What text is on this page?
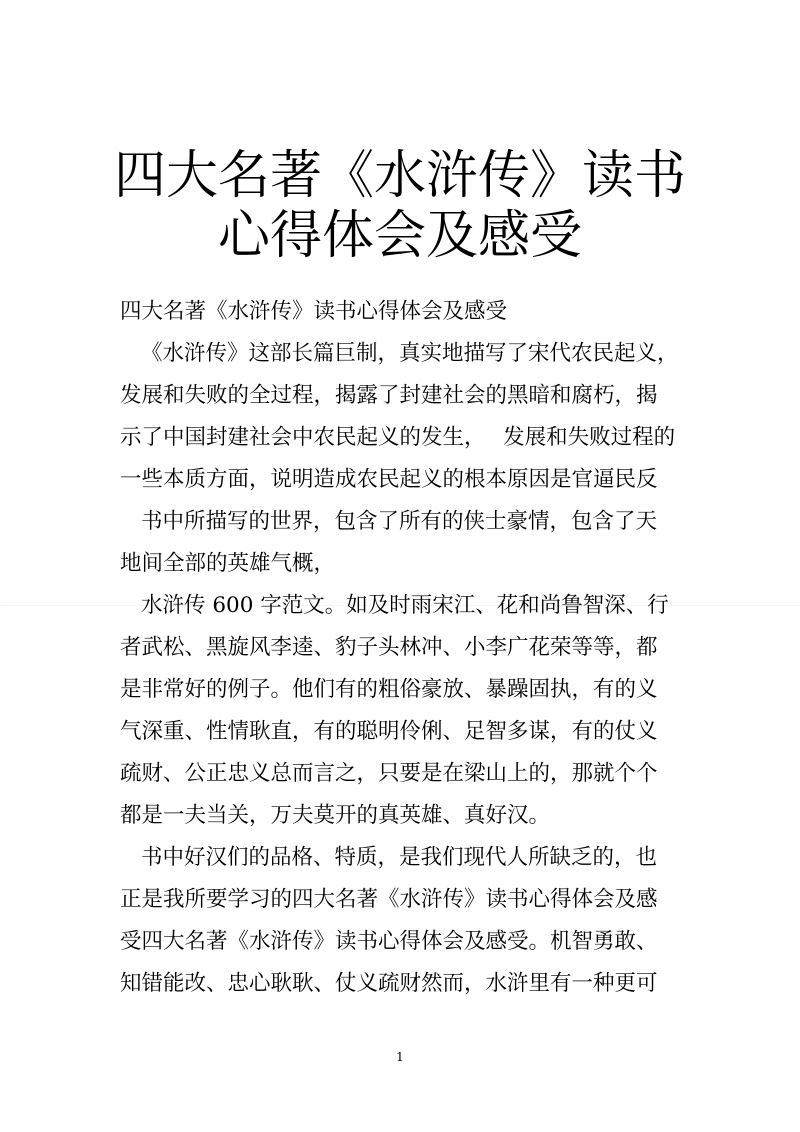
四大名著《水浒传》读书
心得体会及感受
四大名著《水浒传》读书心得体会及感受
《水浒传》这部长篇巨制，真实地描写了宋代农民起义，
发展和失败的全过程，揭露了封建社会的黑暗和腐朽，揭
示了中国封建社会中农民起义的发生，　 发展和失败过程的
一些本质方面，说明造成农民起义的根本原因是官逼民反
书中所描写的世界，包含了所有的侠士豪情，包含了天
地间全部的英雄气概，
水浒传 600 字范文。如及时雨宋江、花和尚鲁智深、行
者武松、黑旋风李逵、豹子头林冲、小李广花荣等等，都
是非常好的例子。他们有的粗俗豪放、暴躁固执，有的义
气深重、性情耿直，有的聪明伶俐、足智多谋，有的仗义
疏财、公正忠义总而言之，只要是在梁山上的，那就个个
都是一夫当关，万夫莫开的真英雄、真好汉。
书中好汉们的品格、特质，是我们现代人所缺乏的，也
正是我所要学习的四大名著《水浒传》读书心得体会及感
受四大名著《水浒传》读书心得体会及感受。机智勇敢、
知错能改、忠心耿耿、仗义疏财然而，水浒里有一种更可
1
